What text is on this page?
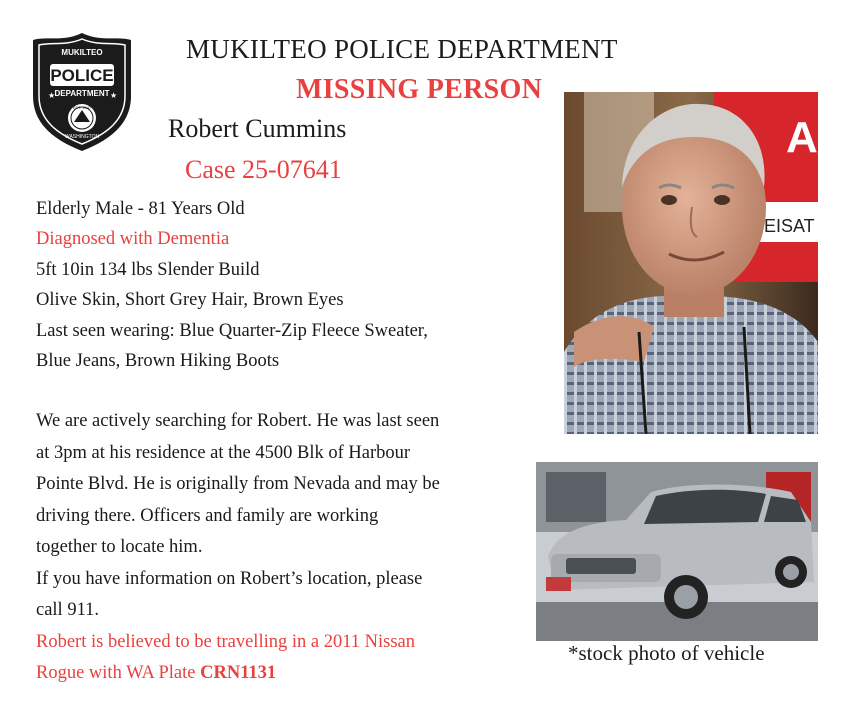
MUKILTEO
POLICE
DEPARTMENT
★	★
EST. 1947
WASHINGTON
MUKILTEO POLICE DEPARTMENT
MISSING PERSON
Robert Cummins
Case 25-07641
Elderly Male - 81 Years Old
Diagnosed with Dementia
5ft 10in 134 lbs Slender Build
Olive Skin, Short Grey Hair, Brown Eyes
Last seen wearing: Blue Quarter-Zip Fleece Sweater,
Blue Jeans, Brown Hiking Boots
We are actively searching for Robert. He was last seen
at 3pm at his residence at the 4500 Blk of Harbour
Pointe Blvd. He is originally from Nevada and may be
driving there. Officers and family are working
together to locate him.
If you have information on Robert’s location, please
call 911.
Robert is believed to be travelling in a 2011 Nissan
Rogue with WA Plate CRN1131
A
EISAT
*stock photo of vehicle
